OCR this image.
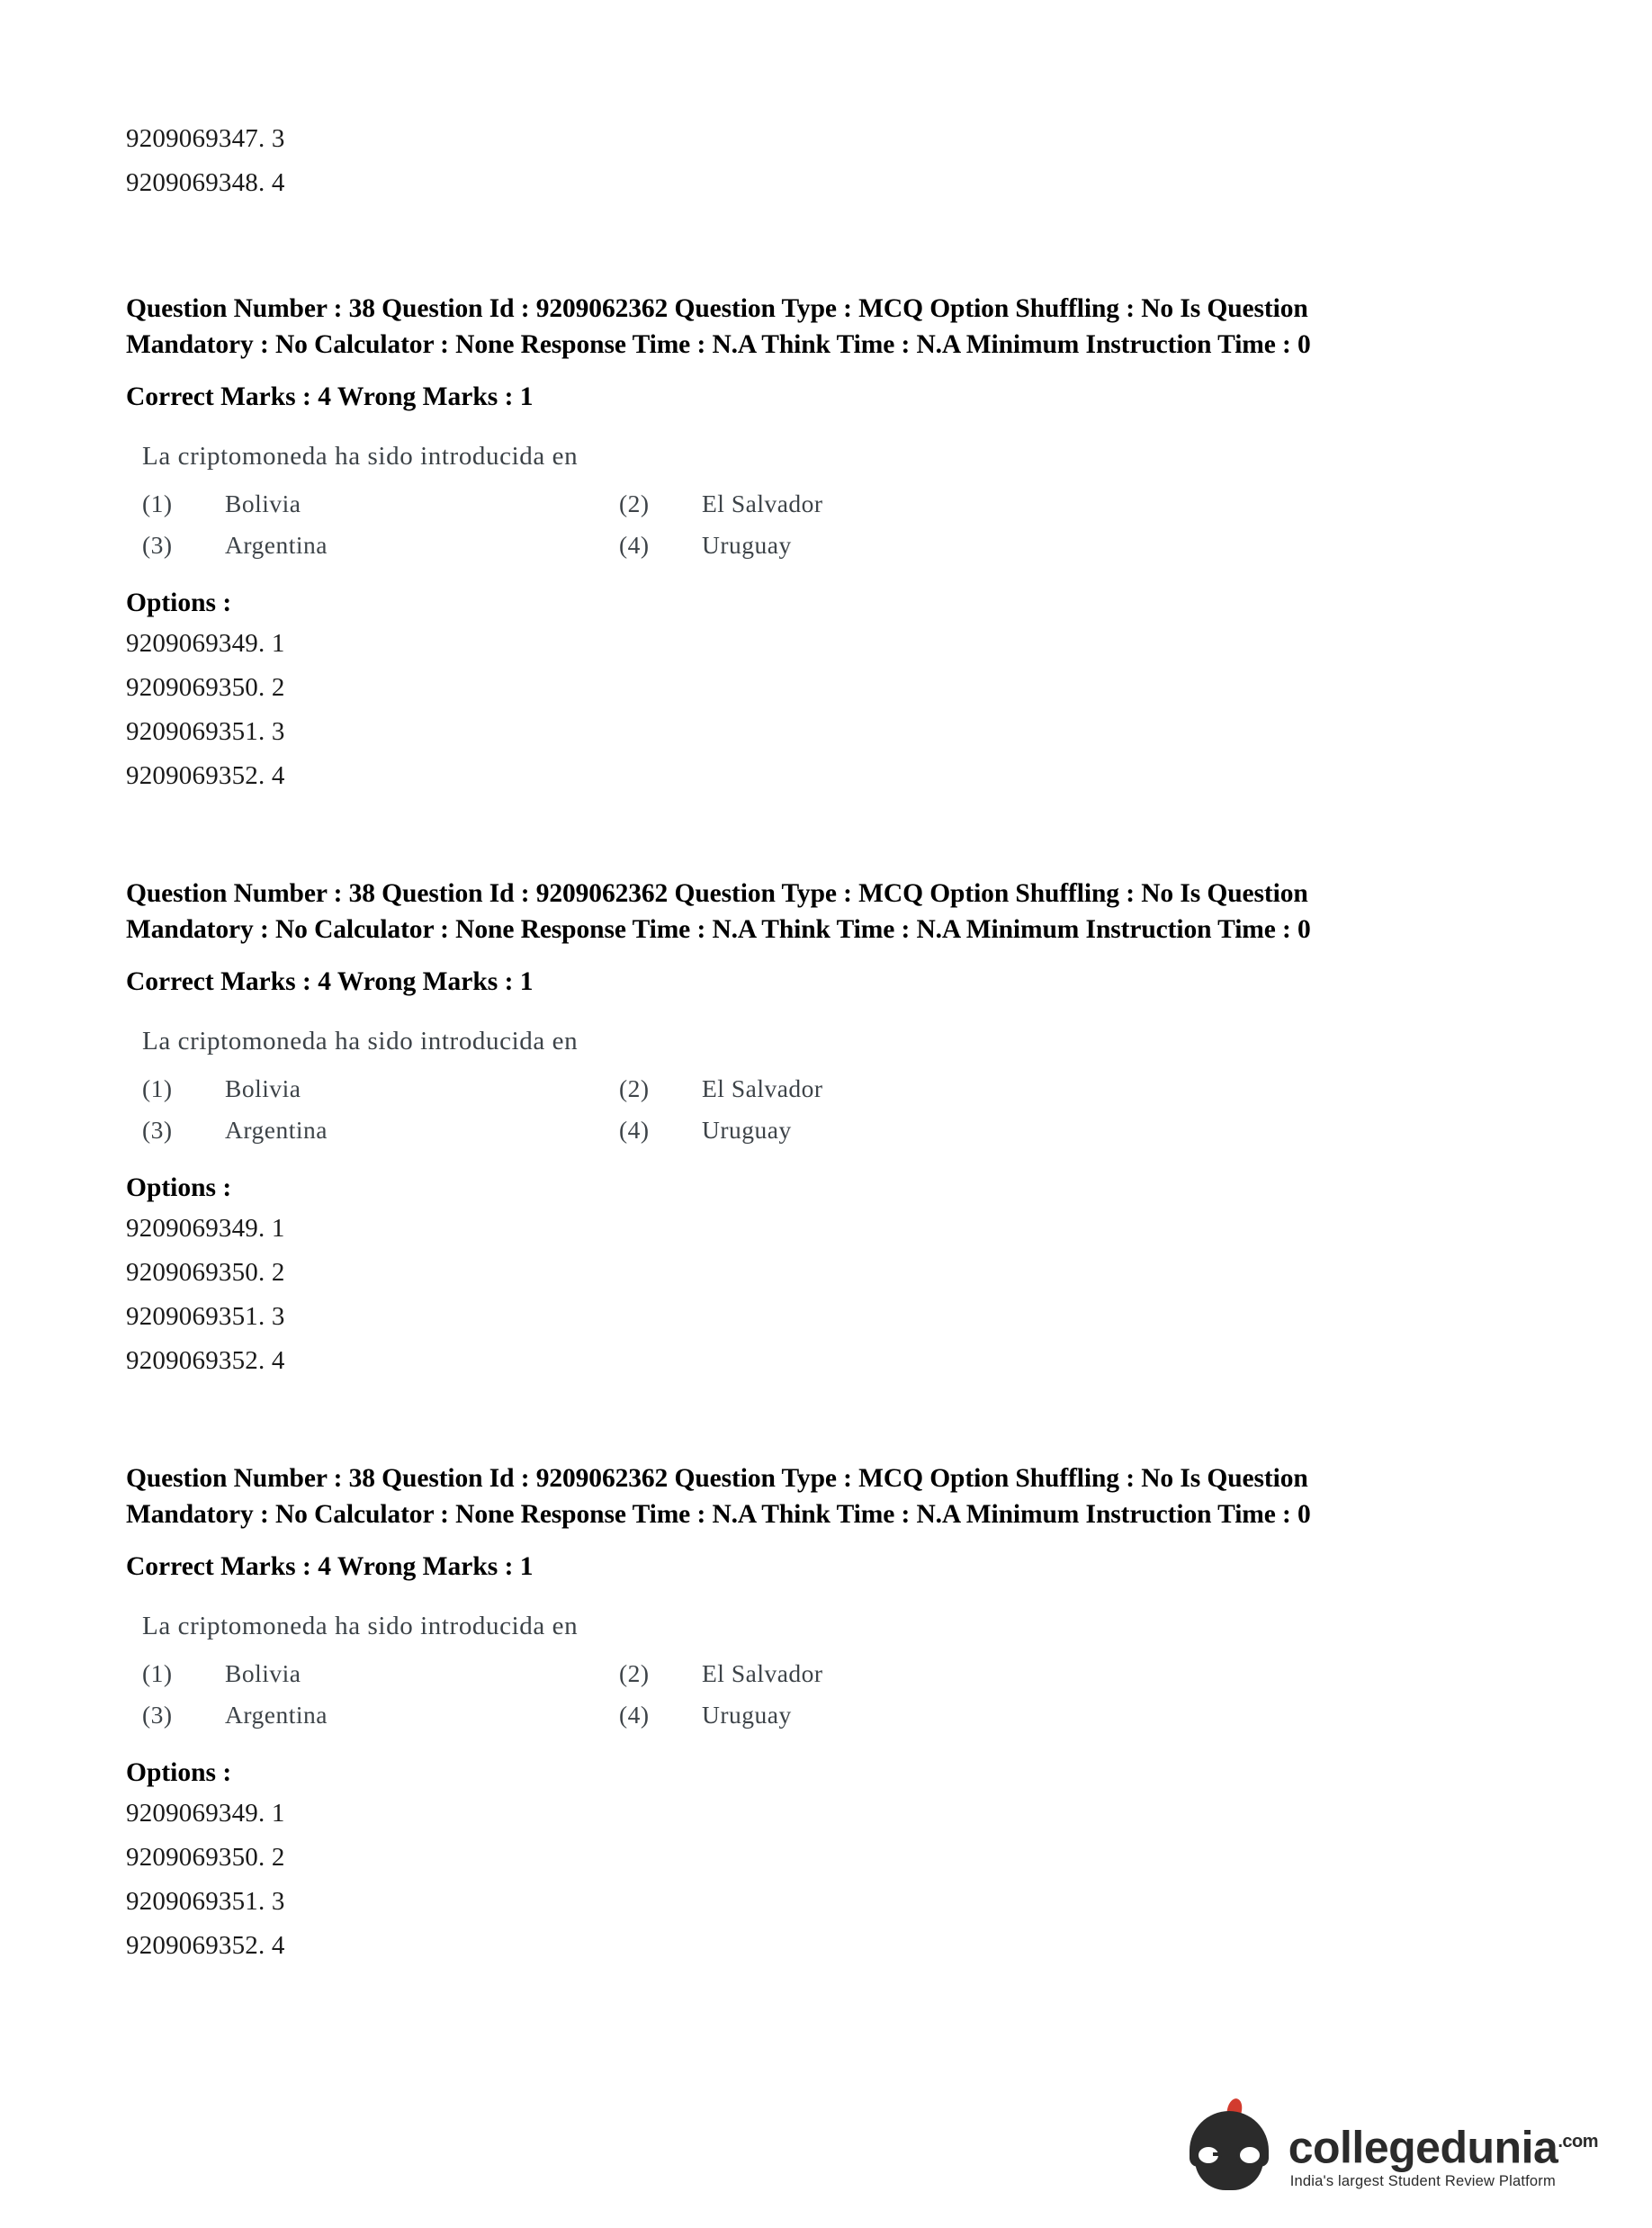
9209069347. 3
9209069348. 4
Question Number : 38 Question Id : 9209062362 Question Type : MCQ Option Shuffling : No Is Question Mandatory : No Calculator : None Response Time : N.A Think Time : N.A Minimum Instruction Time : 0
Correct Marks : 4 Wrong Marks : 1
La criptomoneda ha sido introducida en
(1)	Bolivia	(2)	El Salvador
(3)	Argentina	(4)	Uruguay
Options :
9209069349. 1
9209069350. 2
9209069351. 3
9209069352. 4
Question Number : 38 Question Id : 9209062362 Question Type : MCQ Option Shuffling : No Is Question Mandatory : No Calculator : None Response Time : N.A Think Time : N.A Minimum Instruction Time : 0
Correct Marks : 4 Wrong Marks : 1
La criptomoneda ha sido introducida en
(1)	Bolivia	(2)	El Salvador
(3)	Argentina	(4)	Uruguay
Options :
9209069349. 1
9209069350. 2
9209069351. 3
9209069352. 4
Question Number : 38 Question Id : 9209062362 Question Type : MCQ Option Shuffling : No Is Question Mandatory : No Calculator : None Response Time : N.A Think Time : N.A Minimum Instruction Time : 0
Correct Marks : 4 Wrong Marks : 1
La criptomoneda ha sido introducida en
(1)	Bolivia	(2)	El Salvador
(3)	Argentina	(4)	Uruguay
Options :
9209069349. 1
9209069350. 2
9209069351. 3
9209069352. 4
collegedunia$^{.com}$
India's largest Student Review Platform
